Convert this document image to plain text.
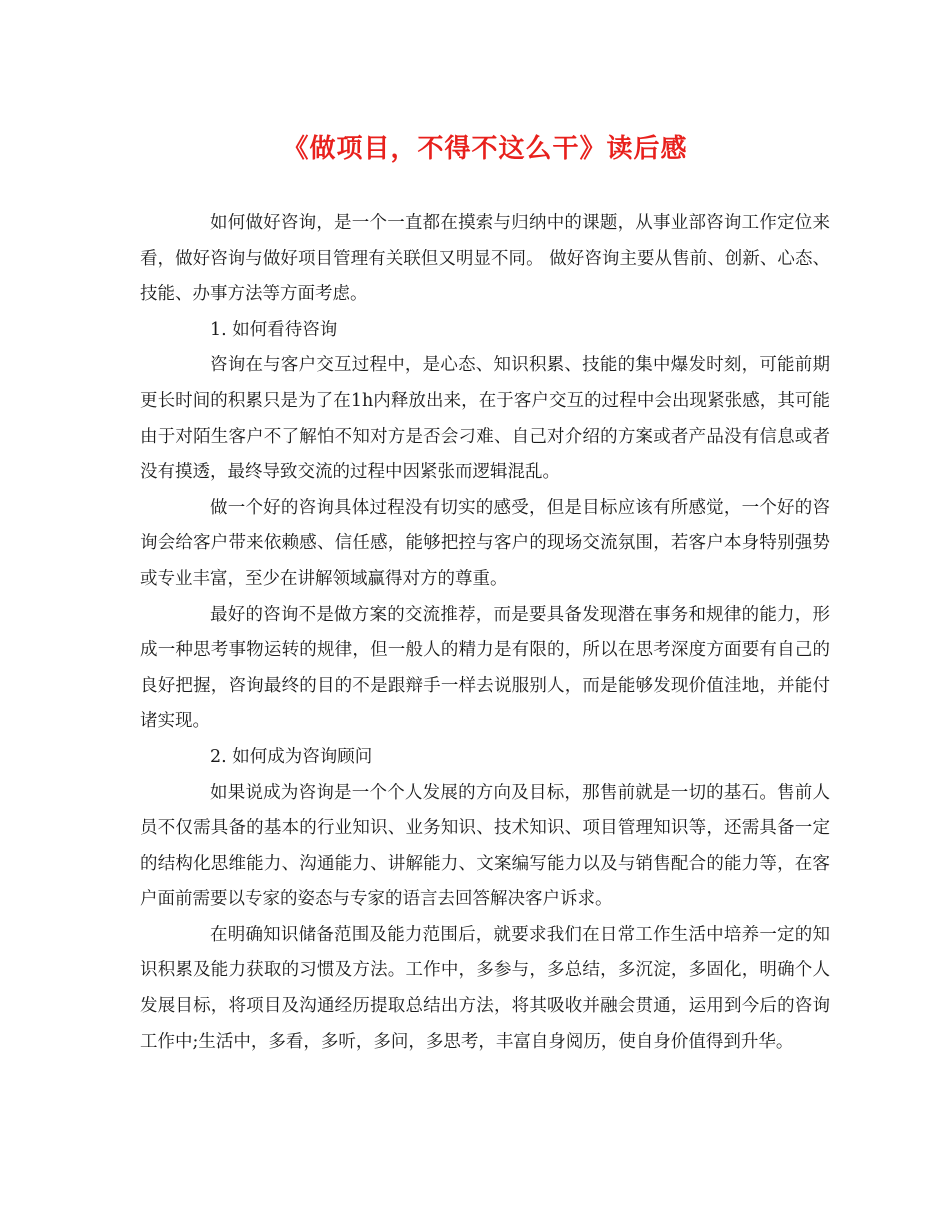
《做项目，不得不这么干》读后感

如何做好咨询，是一个一直都在摸索与归纳中的课题，从事业部咨询工作定位来看，做好咨询与做好项目管理有关联但又明显不同。 做好咨询主要从售前、创新、心态、技能、办事方法等方面考虑。

1. 如何看待咨询

咨询在与客户交互过程中，是心态、知识积累、技能的集中爆发时刻，可能前期更长时间的积累只是为了在1h内释放出来，在于客户交互的过程中会出现紧张感，其可能由于对陌生客户不了解怕不知对方是否会刁难、自己对介绍的方案或者产品没有信息或者没有摸透，最终导致交流的过程中因紧张而逻辑混乱。

做一个好的咨询具体过程没有切实的感受，但是目标应该有所感觉，一个好的咨询会给客户带来依赖感、信任感，能够把控与客户的现场交流氛围，若客户本身特别强势或专业丰富，至少在讲解领域赢得对方的尊重。

最好的咨询不是做方案的交流推荐，而是要具备发现潜在事务和规律的能力，形成一种思考事物运转的规律，但一般人的精力是有限的，所以在思考深度方面要有自己的良好把握，咨询最终的目的不是跟辩手一样去说服别人，而是能够发现价值洼地，并能付诸实现。

2. 如何成为咨询顾问

如果说成为咨询是一个个人发展的方向及目标，那售前就是一切的基石。售前人员不仅需具备的基本的行业知识、业务知识、技术知识、项目管理知识等，还需具备一定的结构化思维能力、沟通能力、讲解能力、文案编写能力以及与销售配合的能力等，在客户面前需要以专家的姿态与专家的语言去回答解决客户诉求。

在明确知识储备范围及能力范围后，就要求我们在日常工作生活中培养一定的知识积累及能力获取的习惯及方法。工作中，多参与，多总结，多沉淀，多固化，明确个人发展目标，将项目及沟通经历提取总结出方法，将其吸收并融会贯通，运用到今后的咨询工作中;生活中，多看，多听，多问，多思考，丰富自身阅历，使自身价值得到升华。
